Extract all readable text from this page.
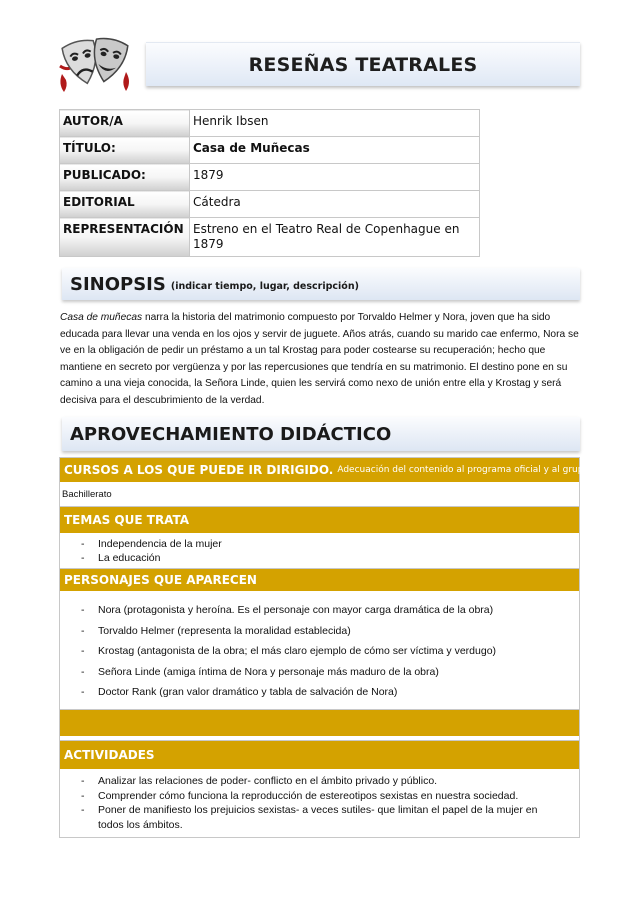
RESEÑAS TEATRALES
AUTOR/A	Henrik Ibsen
TÍTULO:	Casa de Muñecas
PUBLICADO:	1879
EDITORIAL	Cátedra
REPRESENTACIÓN	Estreno en el Teatro Real de Copenhague en 1879
SINOPSIS (indicar tiempo, lugar, descripción)
Casa de muñecas narra la historia del matrimonio compuesto por Torvaldo Helmer y Nora, joven que ha sido educada para llevar una venda en los ojos y servir de juguete. Años atrás, cuando su marido cae enfermo, Nora se ve en la obligación de pedir un préstamo a un tal Krostag para poder costearse su recuperación; hecho que mantiene en secreto por vergüenza y por las repercusiones que tendría en su matrimonio. El destino pone en su camino a una vieja conocida, la Señora Linde, quien les servirá como nexo de unión entre ella y Krostag y será decisiva para el descubrimiento de la verdad.
APROVECHAMIENTO DIDÁCTICO
CURSOS A LOS QUE PUEDE IR DIRIGIDO. Adecuación del contenido al programa oficial y al grupo clase
Bachillerato
TEMAS QUE TRATA
- Independencia de la mujer
- La educación
PERSONAJES QUE APARECEN
- Nora (protagonista y heroína. Es el personaje con mayor carga dramática de la obra)
- Torvaldo Helmer (representa la moralidad establecida)
- Krostag (antagonista de la obra; el más claro ejemplo de cómo ser víctima y verdugo)
- Señora Linde (amiga íntima de Nora y personaje más maduro de la obra)
- Doctor Rank (gran valor dramático y tabla de salvación de Nora)
ACTIVIDADES
- Analizar las relaciones de poder- conflicto en el ámbito privado y público.
- Comprender cómo funciona la reproducción de estereotipos sexistas en nuestra sociedad.
- Poner de manifiesto los prejuicios sexistas- a veces sutiles- que limitan el papel de la mujer en todos los ámbitos.
